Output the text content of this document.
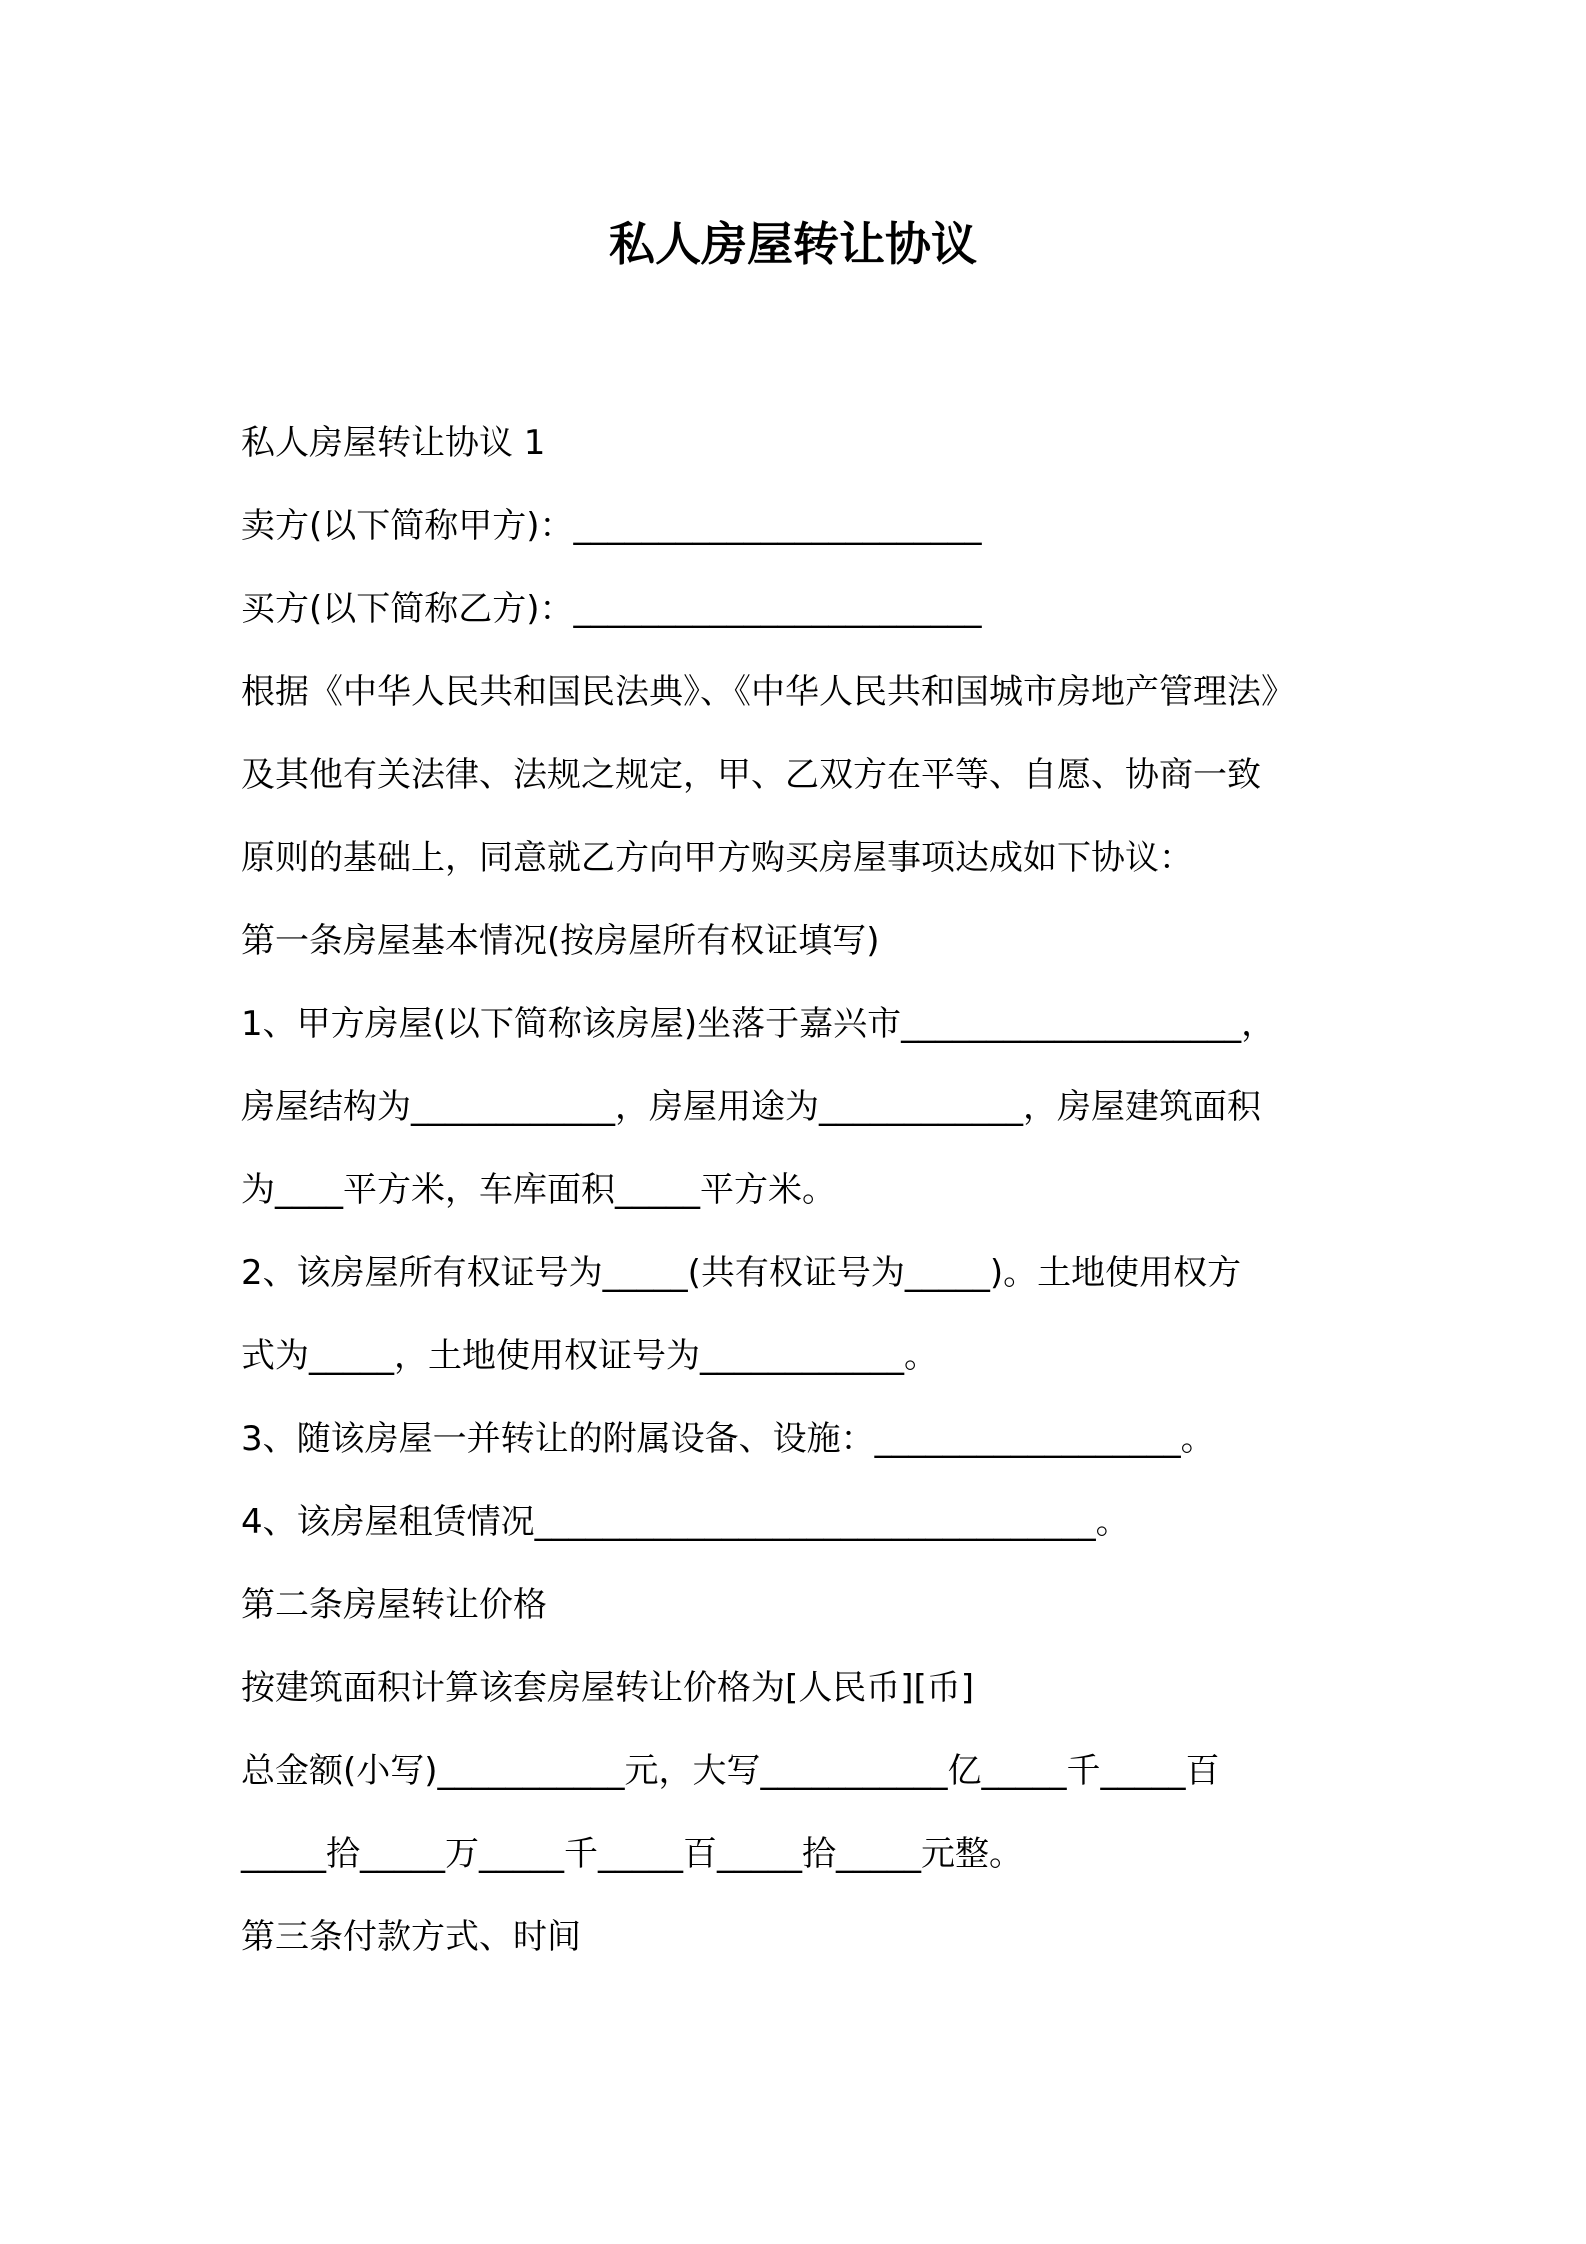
私人房屋转让协议
私人房屋转让协议 1
卖方(以下简称甲方)：________________________
买方(以下简称乙方)：________________________
根据《中华人民共和国民法典》、《中华人民共和国城市房地产管理法》
及其他有关法律、法规之规定，甲、乙双方在平等、自愿、协商一致
原则的基础上，同意就乙方向甲方购买房屋事项达成如下协议：
第一条房屋基本情况(按房屋所有权证填写)
1、甲方房屋(以下简称该房屋)坐落于嘉兴市____________________，
房屋结构为____________，房屋用途为____________，房屋建筑面积
为____平方米，车库面积_____平方米。
2、该房屋所有权证号为_____(共有权证号为_____)。土地使用权方
式为_____，土地使用权证号为____________。
3、随该房屋一并转让的附属设备、设施：__________________。
4、该房屋租赁情况_________________________________。
第二条房屋转让价格
按建筑面积计算该套房屋转让价格为[人民币][币]
总金额(小写)___________元，大写___________亿_____千_____百
_____拾_____万_____千_____百_____拾_____元整。
第三条付款方式、时间
